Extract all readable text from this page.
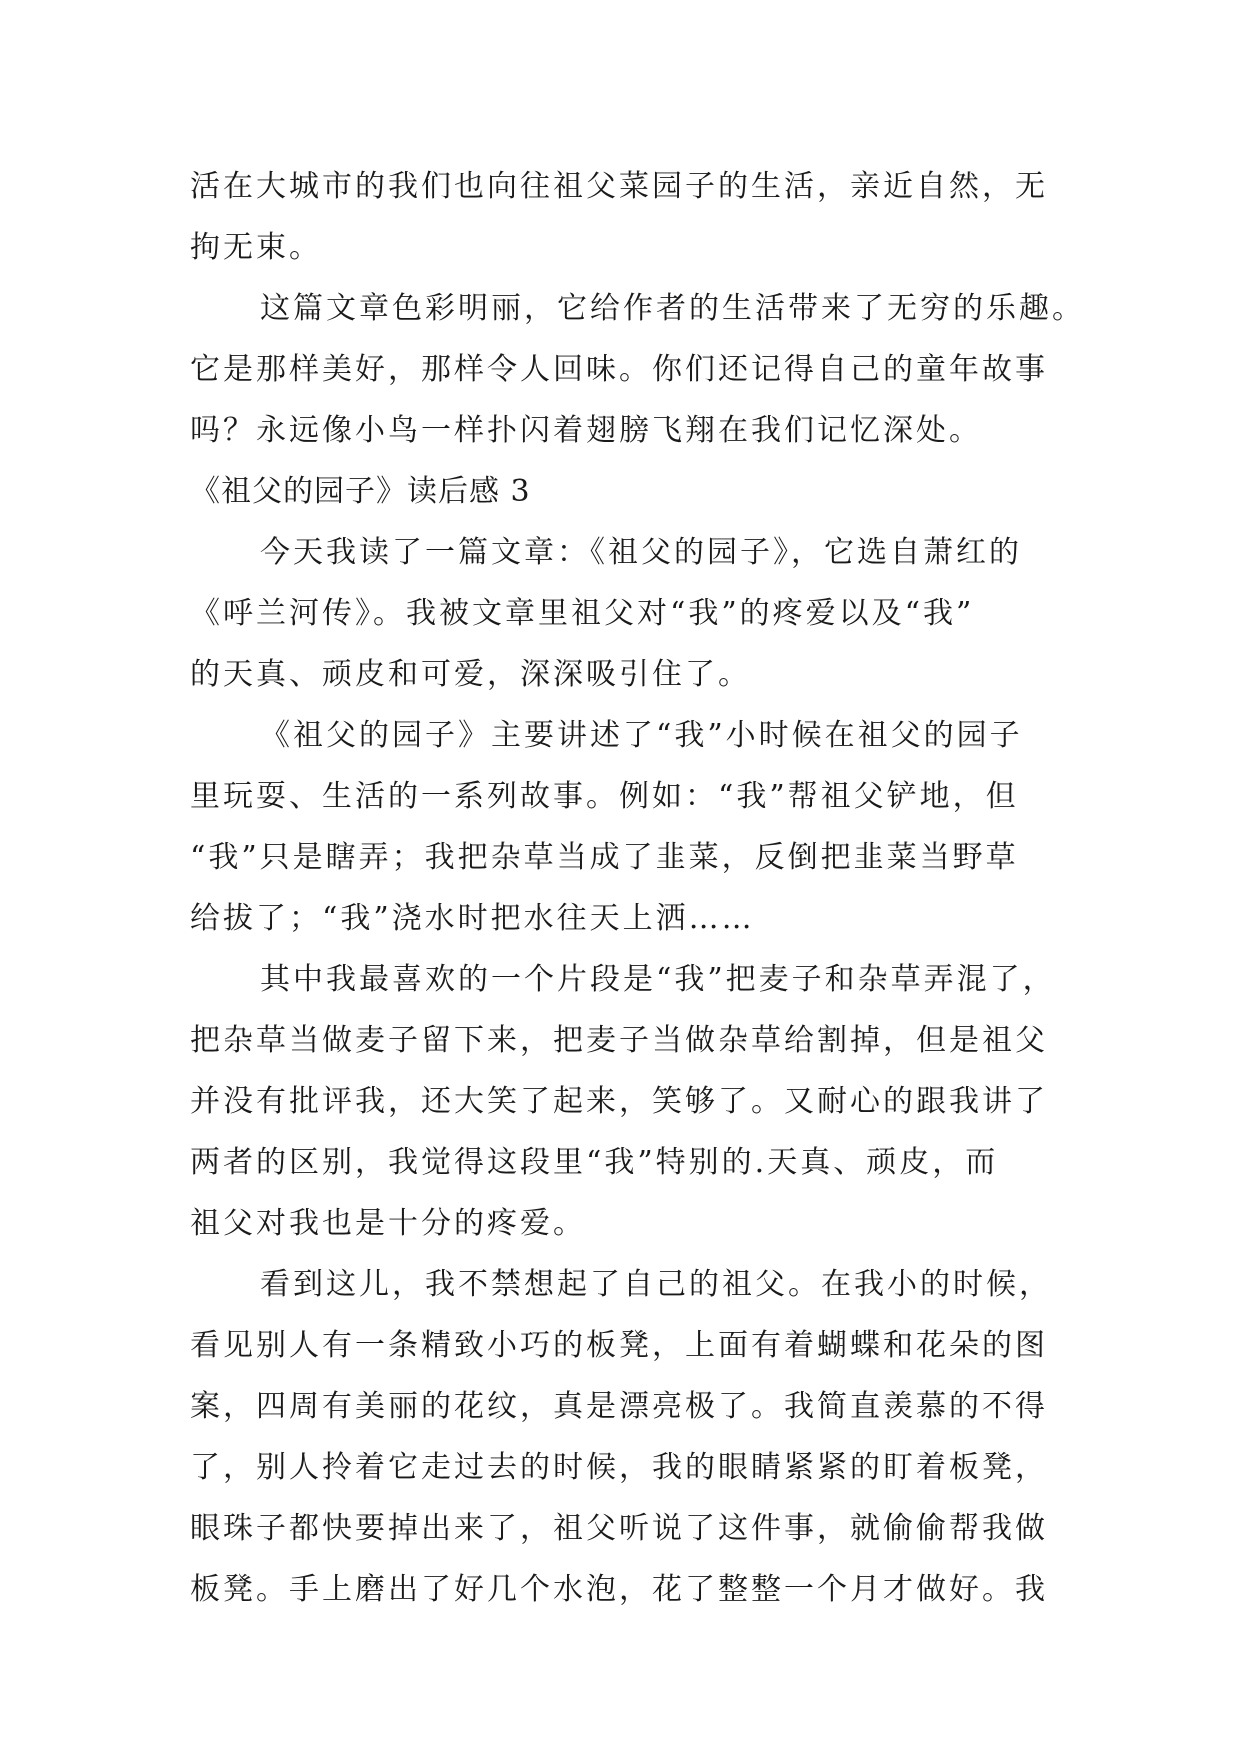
活在大城市的我们也向往祖父菜园子的生活，亲近自然，无
拘无束。
这篇文章色彩明丽，它给作者的生活带来了无穷的乐趣。
它是那样美好，那样令人回味。你们还记得自己的童年故事
吗？永远像小鸟一样扑闪着翅膀飞翔在我们记忆深处。
《祖父的园子》读后感 3
今天我读了一篇文章：《祖父的园子》，它选自萧红的
《呼兰河传》。我被文章里祖父对“我”的疼爱以及“我”
的天真、顽皮和可爱，深深吸引住了。
《祖父的园子》主要讲述了“我”小时候在祖父的园子
里玩耍、生活的一系列故事。例如：“我”帮祖父铲地，但
“我”只是瞎弄；我把杂草当成了韭菜，反倒把韭菜当野草
给拔了；“我”浇水时把水往天上洒……
其中我最喜欢的一个片段是“我”把麦子和杂草弄混了，
把杂草当做麦子留下来，把麦子当做杂草给割掉，但是祖父
并没有批评我，还大笑了起来，笑够了。又耐心的跟我讲了
两者的区别，我觉得这段里“我”特别的.天真、顽皮，而
祖父对我也是十分的疼爱。
看到这儿，我不禁想起了自己的祖父。在我小的时候，
看见别人有一条精致小巧的板凳，上面有着蝴蝶和花朵的图
案，四周有美丽的花纹，真是漂亮极了。我简直羡慕的不得
了，别人拎着它走过去的时候，我的眼睛紧紧的盯着板凳，
眼珠子都快要掉出来了，祖父听说了这件事，就偷偷帮我做
板凳。手上磨出了好几个水泡，花了整整一个月才做好。我
